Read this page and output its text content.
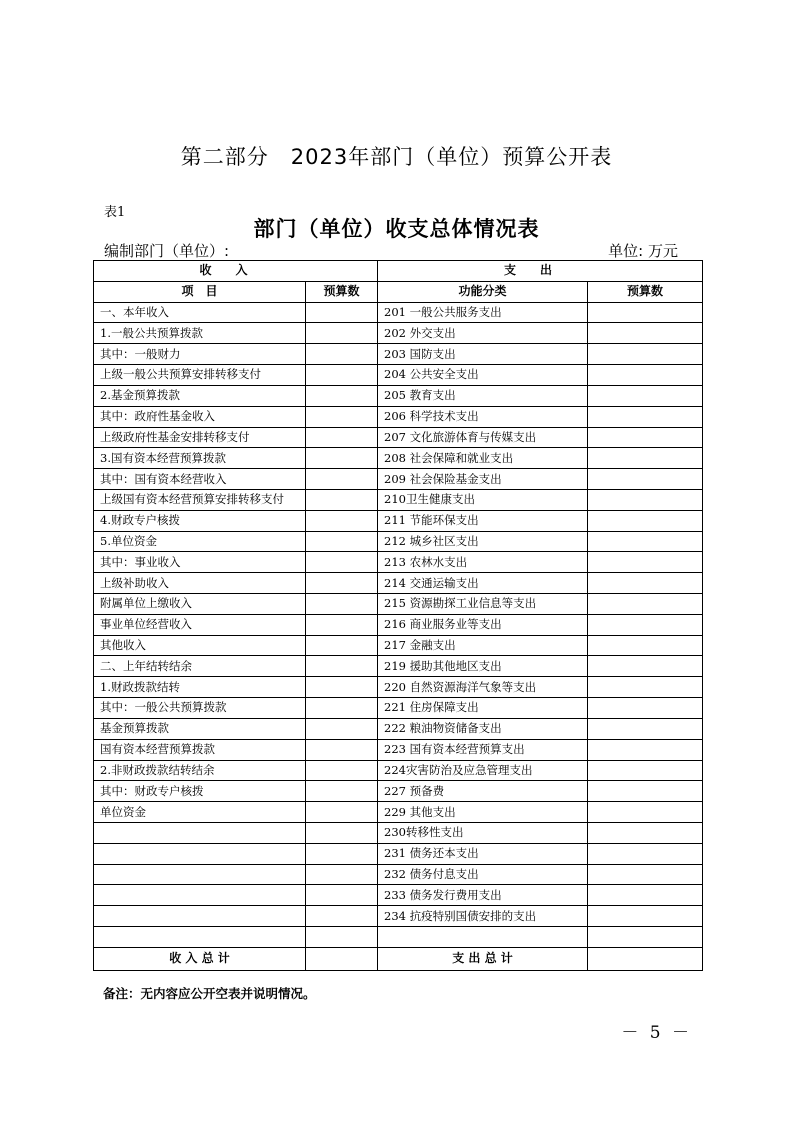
第二部分　2023年部门（单位）预算公开表
表1
部门（单位）收支总体情况表
编制部门（单位）:	单位: 万元
收入		支出	
项　目	预算数	功能分类	预算数
一、本年收入		201 一般公共服务支出	
1.一般公共预算拨款		202 外交支出	
其中：一般财力		203 国防支出	
上级一般公共预算安排转移支付		204 公共安全支出	
2.基金预算拨款		205 教育支出	
其中：政府性基金收入		206 科学技术支出	
上级政府性基金安排转移支付		207 文化旅游体育与传媒支出	
3.国有资本经营预算拨款		208 社会保障和就业支出	
其中：国有资本经营收入		209 社会保险基金支出	
上级国有资本经营预算安排转移支付		210卫生健康支出	
4.财政专户核拨		211 节能环保支出	
5.单位资金		212 城乡社区支出	
其中：事业收入		213 农林水支出	
上级补助收入		214 交通运输支出	
附属单位上缴收入		215 资源勘探工业信息等支出	
事业单位经营收入		216 商业服务业等支出	
其他收入		217 金融支出	
二、上年结转结余		219 援助其他地区支出	
1.财政拨款结转		220 自然资源海洋气象等支出	
其中：一般公共预算拨款		221 住房保障支出	
基金预算拨款		222 粮油物资储备支出	
国有资本经营预算拨款		223 国有资本经营预算支出	
2.非财政拨款结转结余		224灾害防治及应急管理支出	
其中：财政专户核拨		227 预备费	
单位资金		229 其他支出	
		230转移性支出	
		231 债务还本支出	
		232 债务付息支出	
		233 债务发行费用支出	
		234 抗疫特别国债安排的支出	

收 入 总 计		支 出 总 计	
备注：无内容应公开空表并说明情况。
－ 5 －
